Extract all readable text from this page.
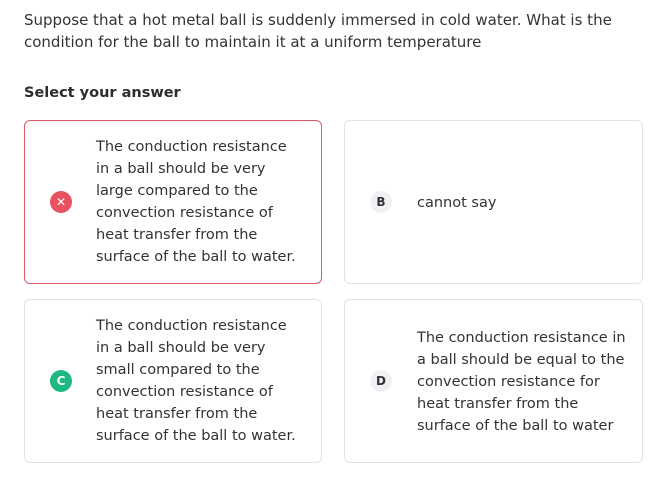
Suppose that a hot metal ball is suddenly immersed in cold water. What is the condition for the ball to maintain it at a uniform temperature

Select your answer

✕

The conduction resistance in a ball should be very large compared to the convection resistance of heat transfer from the surface of the ball to water.

B	cannot say

C

The conduction resistance in a ball should be very small compared to the convection resistance of heat transfer from the surface of the ball to water.

D

The conduction resistance in a ball should be equal to the convection resistance for heat transfer from the surface of the ball to water
